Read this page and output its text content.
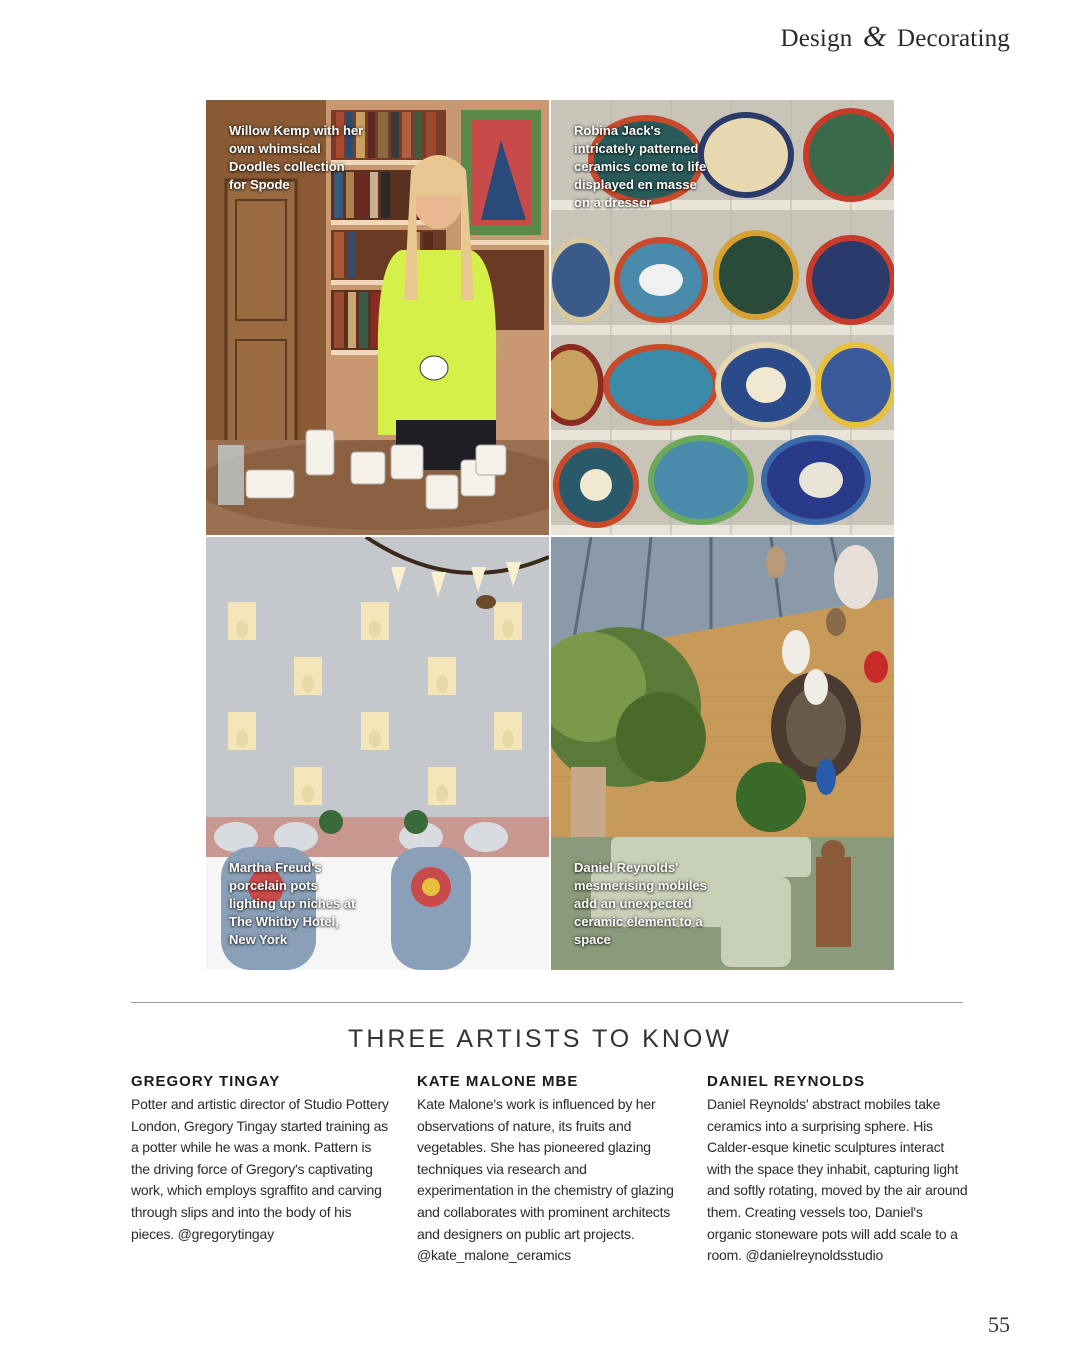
Design & Decorating
Willow Kemp with her own whimsical Doodles collection for Spode
Robina Jack's intricately patterned ceramics come to life displayed en masse on a dresser
Martha Freud's porcelain pots lighting up niches at The Whitby Hotel, New York
Daniel Reynolds' mesmerising mobiles add an unexpected ceramic element to a space
THREE ARTISTS TO KNOW
GREGORY TINGAY

Potter and artistic director of Studio Pottery London, Gregory Tingay started training as a potter while he was a monk. Pattern is the driving force of Gregory's captivating work, which employs sgraffito and carving through slips and into the body of his pieces. @gregorytingay

KATE MALONE MBE

Kate Malone's work is influenced by her observations of nature, its fruits and vegetables. She has pioneered glazing techniques via research and experimentation in the chemistry of glazing and collaborates with prominent architects and designers on public art projects. @kate_malone_ceramics

DANIEL REYNOLDS

Daniel Reynolds' abstract mobiles take ceramics into a surprising sphere. His Calder-esque kinetic sculptures interact with the space they inhabit, capturing light and softly rotating, moved by the air around them. Creating vessels too, Daniel's organic stoneware pots will add scale to a room. @danielreynoldsstudio

55
